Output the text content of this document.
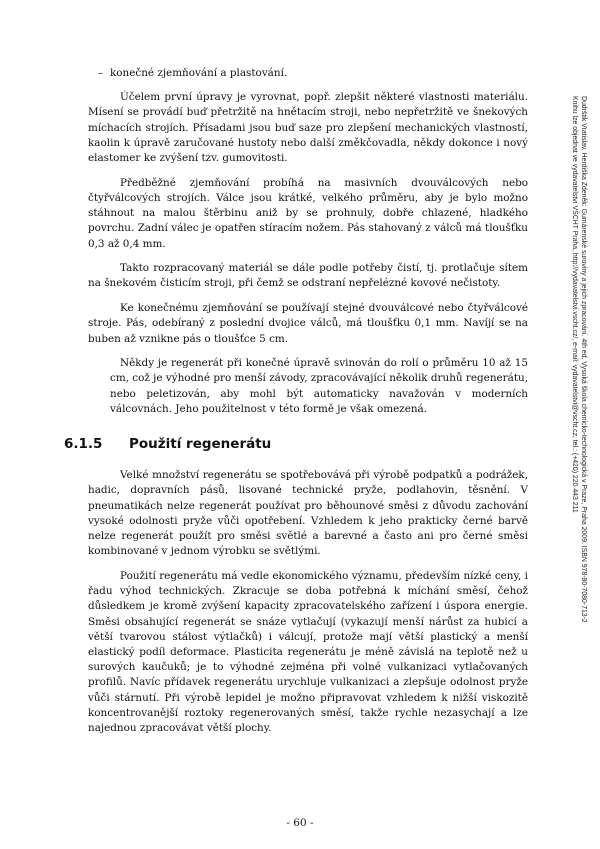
– konečné zjemňování a plastování.

Účelem první úpravy je vyrovnat, popř. zlepšit některé vlastnosti materiálu. Mísení se provádí buď přetržitě na hnětacím stroji, nebo nepřetržitě ve šnekových míchacích strojích. Přísadami jsou buď saze pro zlepšení mechanických vlastností, kaolin k úpravě zaručované hustoty nebo další změkčovadla, někdy dokonce i nový elastomer ke zvýšení tzv. gumovitosti.

Předběžné zjemňování probíhá na masivních dvouválcových nebo čtyřválcových strojích. Válce jsou krátké, velkého průměru, aby je bylo možno stáhnout na malou štěrbinu aniž by se prohnuly, dobře chlazené, hladkého povrchu. Zadní válec je opatřen stíracím nožem. Pás stahovaný z válců má tloušťku 0,3 až 0,4 mm.

Takto rozpracovaný materiál se dále podle potřeby čistí, tj. protlačuje sítem na šnekovém čisticím stroji, při čemž se odstraní nepřelézné kovové nečistoty.

Ke konečnému zjemňování se používají stejné dvouválcové nebo čtyřválcové stroje. Pás, odebíraný z poslední dvojice válců, má tloušťku 0,1 mm. Navíjí se na buben až vznikne pás o tloušťce 5 cm.

Někdy je regenerát při konečné úpravě svinován do rolí o průměru 10 až 15 cm, což je výhodné pro menší závody, zpracovávající několik druhů regenerátu, nebo peletizován, aby mohl být automaticky navažován v moderních válcovnách. Jeho použitelnost v této formě je však omezená.

6.1.5 Použití regenerátu

Velké množství regenerátu se spotřebovává při výrobě podpatků a podrážek, hadic, dopravních pásů, lisované technické pryže, podlahovin, těsnění. V pneumatikách nelze regenerát používat pro běhounové směsi z důvodu zachování vysoké odolnosti pryže vůči opotřebení. Vzhledem k jeho prakticky černé barvě nelze regenerát použít pro směsi světlé a barevné a často ani pro černé směsi kombinované v jednom výrobku se světlými.

Použití regenerátu má vedle ekonomického významu, především nízké ceny, i řadu výhod technických. Zkracuje se doba potřebná k míchání směsí, čehož důsledkem je kromě zvýšení kapacity zpracovatelského zařízení i úspora energie. Směsi obsahující regenerát se snáze vytlačují (vykazují menší nárůst za hubicí a větší tvarovou stálost výtlačků) i válcují, protože mají větší plastický a menší elastický podíl deformace. Plasticita regenerátu je méně závislá na teplotě než u surových kaučuků; je to výhodné zejména při volné vulkanizaci vytlačovaných profilů. Navíc přídavek regenerátu urychluje vulkanizaci a zlepšuje odolnost pryže vůči stárnutí. Při výrobě lepidel je možno připravovat vzhledem k nižší viskozitě koncentrovanější roztoky regenerovaných směsí, takže rychle nezasychají a lze najednou zpracovávat větší plochy.

- 60 -
Dudrštik Vratislav, Herdiška Zdeněk: Gumárenské suroviny a jejich zpracování. 4th ed. Vysoká škola chemicko-technologická v Praze, Praha 2009. ISBN 978-80-7080-713-2
Knihu lze objednat ve vydavatelství VŠCHT Praha, http://vydavatelstvi.vscht.cz/, e-mail: vydavatelstvi@vscht.cz, tel.: (+420) 220 443 211
